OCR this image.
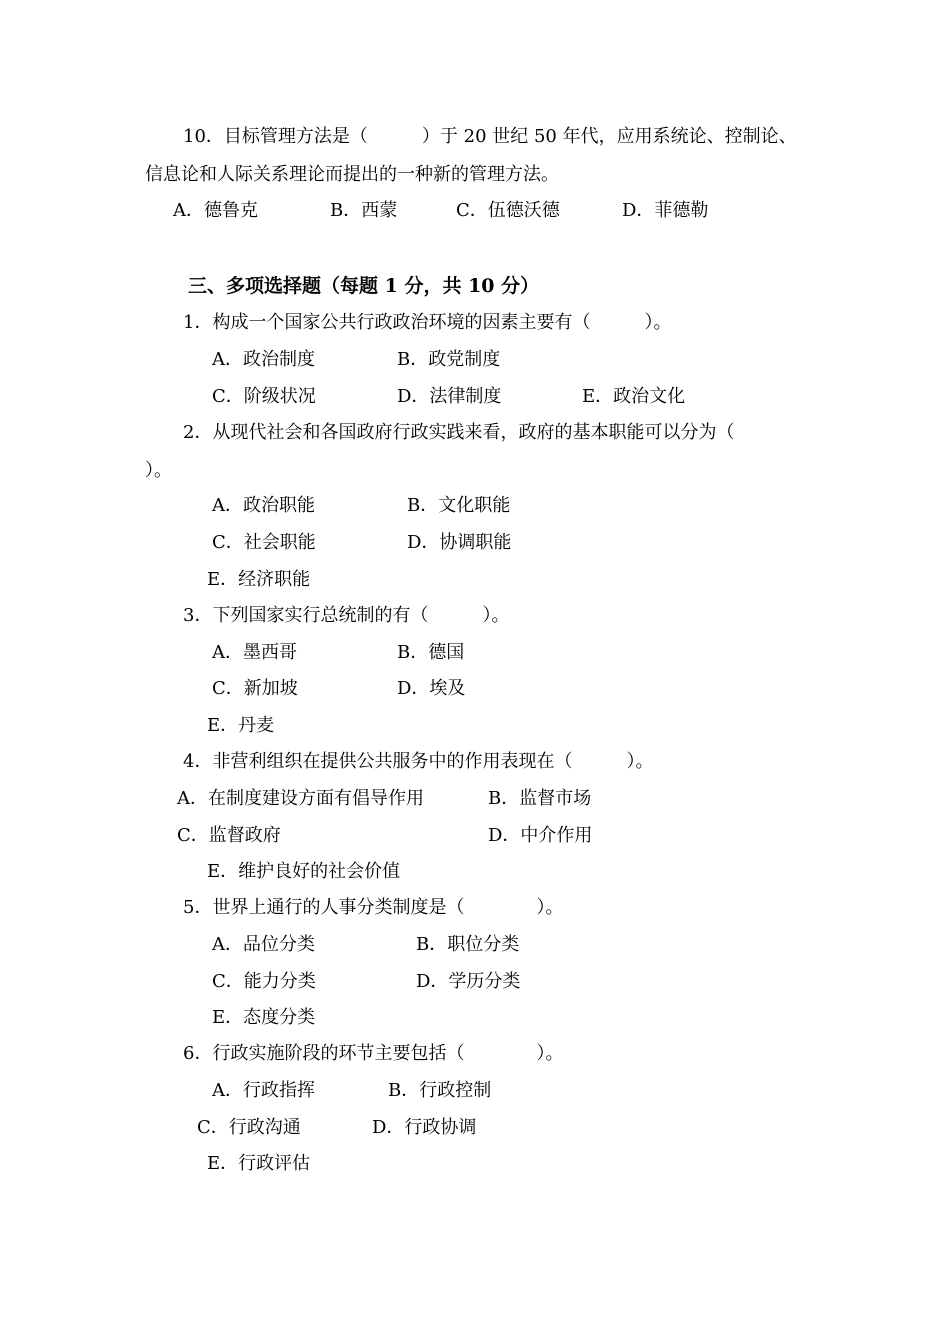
10．目标管理方法是（　　　）于 20 世纪 50 年代，应用系统论、控制论、
信息论和人际关系理论而提出的一种新的管理方法。
A．德鲁克	B．西蒙	C．伍德沃德	D．菲德勒
三、多项选择题（每题 1 分，共 10 分）
1．构成一个国家公共行政政治环境的因素主要有（　　　）。
A．政治制度	B．政党制度
C．阶级状况	D．法律制度	E．政治文化
2．从现代社会和各国政府行政实践来看，政府的基本职能可以分为（
）。
A．政治职能	B．文化职能
C．社会职能	D．协调职能
E．经济职能
3．下列国家实行总统制的有（　　　）。
A．墨西哥	B．德国
C．新加坡	D．埃及
E．丹麦
4．非营利组织在提供公共服务中的作用表现在（　　　）。
A．在制度建设方面有倡导作用	B．监督市场
C．监督政府	D．中介作用
E．维护良好的社会价值
5．世界上通行的人事分类制度是（　　　　）。
A．品位分类	B．职位分类
C．能力分类	D．学历分类
E．态度分类
6．行政实施阶段的环节主要包括（　　　　）。
A．行政指挥	B．行政控制
C．行政沟通	D．行政协调
E．行政评估
